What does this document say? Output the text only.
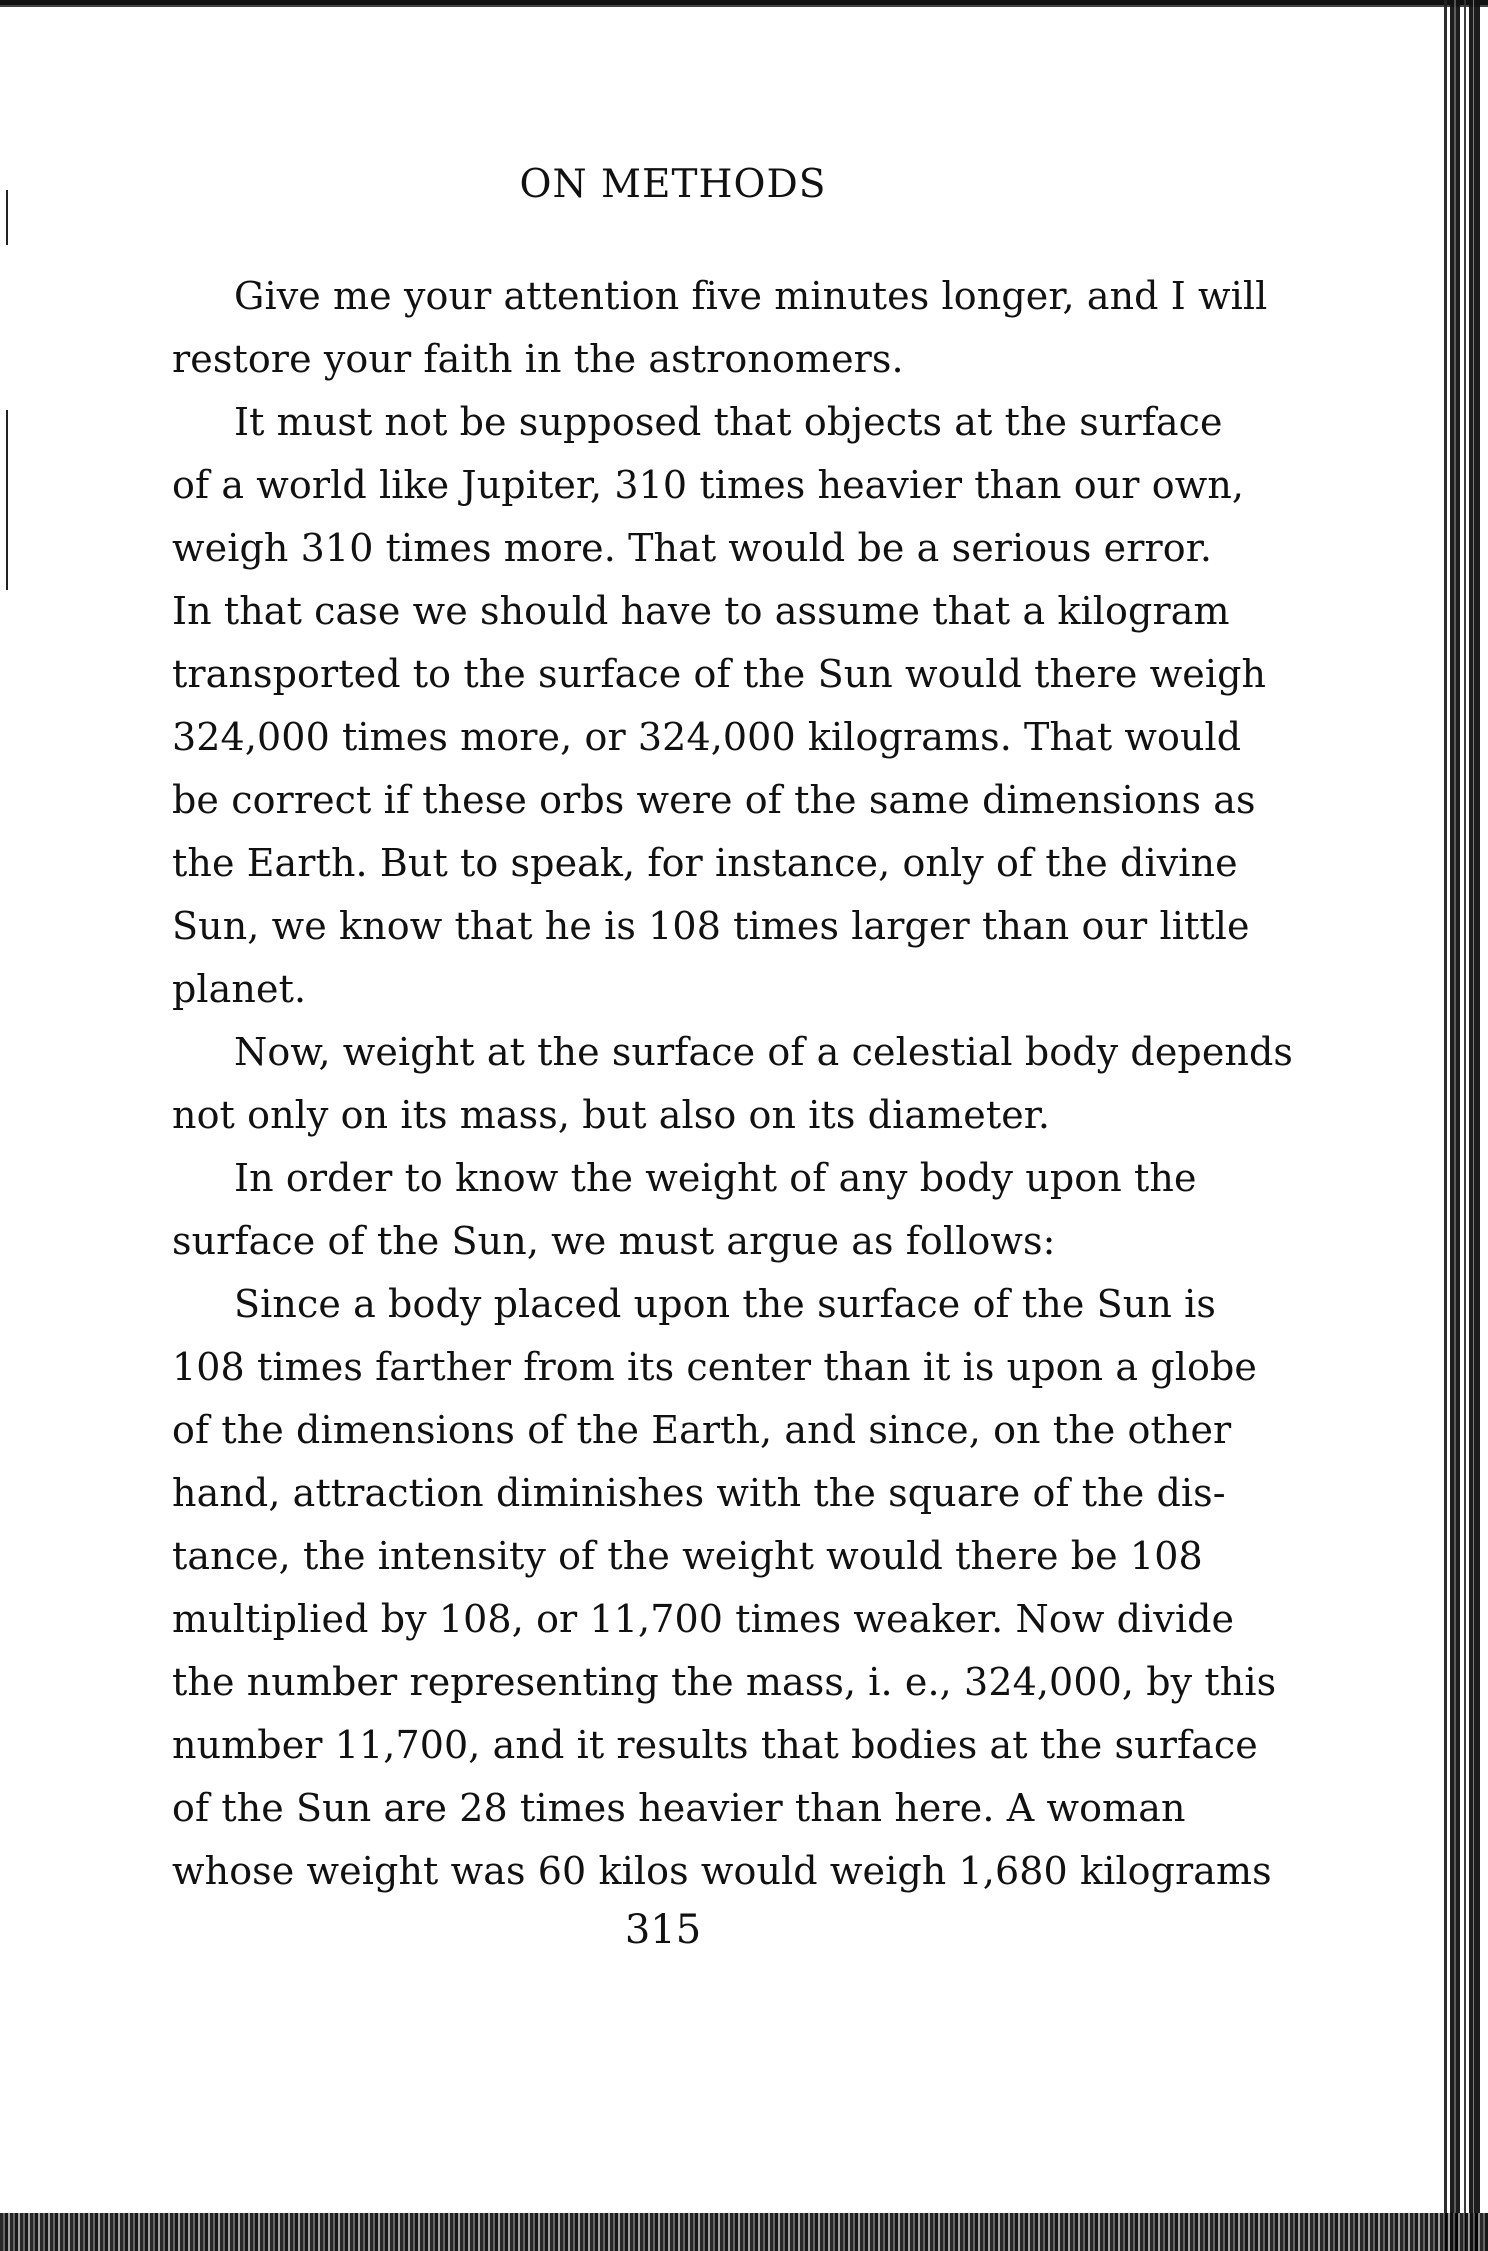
ON METHODS
Give me your attention five minutes longer, and I will
restore your faith in the astronomers.
It must not be supposed that objects at the surface
of a world like Jupiter, 310 times heavier than our own,
weigh 310 times more. That would be a serious error.
In that case we should have to assume that a kilogram
transported to the surface of the Sun would there weigh
324,000 times more, or 324,000 kilograms. That would
be correct if these orbs were of the same dimensions as
the Earth. But to speak, for instance, only of the divine
Sun, we know that he is 108 times larger than our little
planet.
Now, weight at the surface of a celestial body depends
not only on its mass, but also on its diameter.
In order to know the weight of any body upon the
surface of the Sun, we must argue as follows:
Since a body placed upon the surface of the Sun is
108 times farther from its center than it is upon a globe
of the dimensions of the Earth, and since, on the other
hand, attraction diminishes with the square of the dis-
tance, the intensity of the weight would there be 108
multiplied by 108, or 11,700 times weaker. Now divide
the number representing the mass, i. e., 324,000, by this
number 11,700, and it results that bodies at the surface
of the Sun are 28 times heavier than here. A woman
whose weight was 60 kilos would weigh 1,680 kilograms
315
